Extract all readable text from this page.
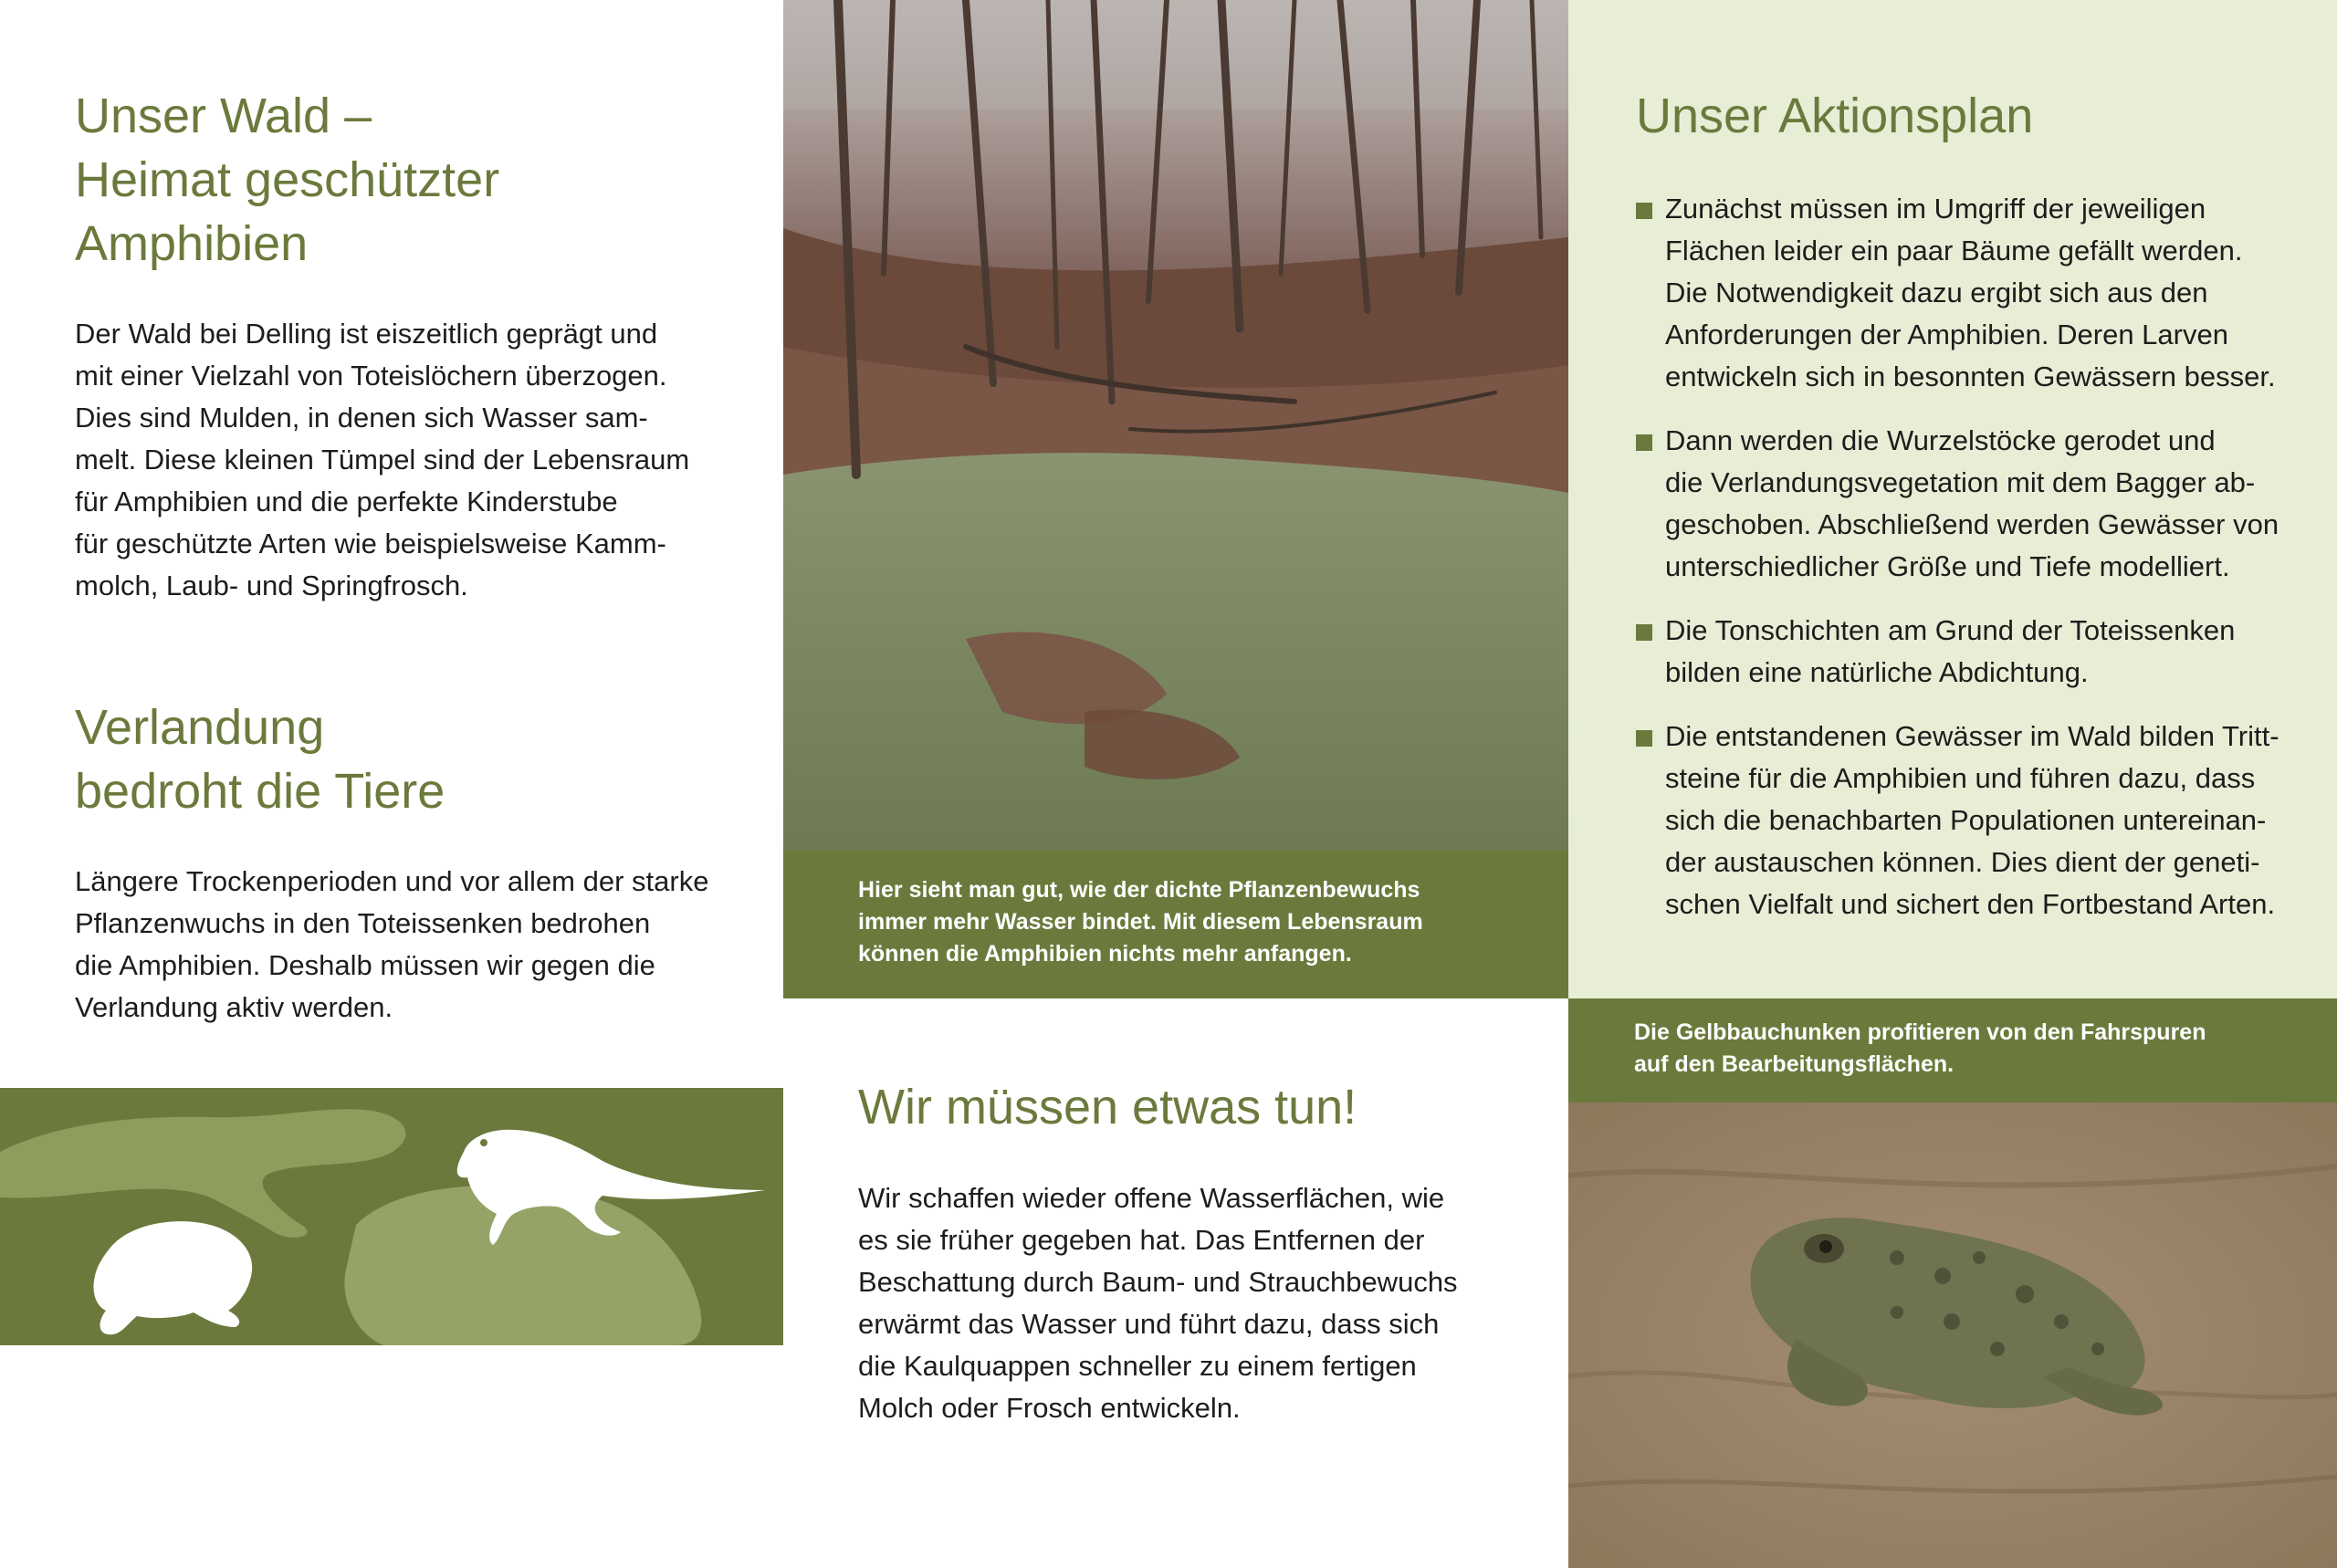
Unser Wald –
Heimat geschützter
Amphibien

Der Wald bei Delling ist eiszeitlich geprägt und
mit einer Vielzahl von Toteislöchern überzogen.
Dies sind Mulden, in denen sich Wasser sam-
melt. Diese kleinen Tümpel sind der Lebensraum
für Amphibien und die perfekte Kinderstube
für geschützte Arten wie beispielsweise Kamm-
molch, Laub- und Springfrosch.

Verlandung
bedroht die Tiere

Längere Trockenperioden und vor allem der starke
Pflanzenwuchs in den Toteissenken bedrohen
die Amphibien. Deshalb müssen wir gegen die
Verlandung aktiv werden.

Hier sieht man gut, wie der dichte Pflanzenbewuchs
immer mehr Wasser bindet. Mit diesem Lebensraum
können die Amphibien nichts mehr anfangen.

Wir müssen etwas tun!

Wir schaffen wieder offene Wasserflächen, wie
es sie früher gegeben hat. Das Entfernen der
Beschattung durch Baum- und Strauchbewuchs
erwärmt das Wasser und führt dazu, dass sich
die Kaulquappen schneller zu einem fertigen
Molch oder Frosch entwickeln.

Unser Aktionsplan
Zunächst müssen im Umgriff der jeweiligen
Flächen leider ein paar Bäume gefällt werden.
Die Notwendigkeit dazu ergibt sich aus den
Anforderungen der Amphibien. Deren Larven
entwickeln sich in besonnten Gewässern besser.
Dann werden die Wurzelstöcke gerodet und
die Verlandungsvegetation mit dem Bagger ab-
geschoben. Abschließend werden Gewässer von
unterschiedlicher Größe und Tiefe modelliert.
Die Tonschichten am Grund der Toteissenken
bilden eine natürliche Abdichtung.
Die entstandenen Gewässer im Wald bilden Tritt-
steine für die Amphibien und führen dazu, dass
sich die benachbarten Populationen untereinan-
der austauschen können. Dies dient der geneti-
schen Vielfalt und sichert den Fortbestand Arten.

Die Gelbbauchunken profitieren von den Fahrspuren
auf den Bearbeitungsflächen.
